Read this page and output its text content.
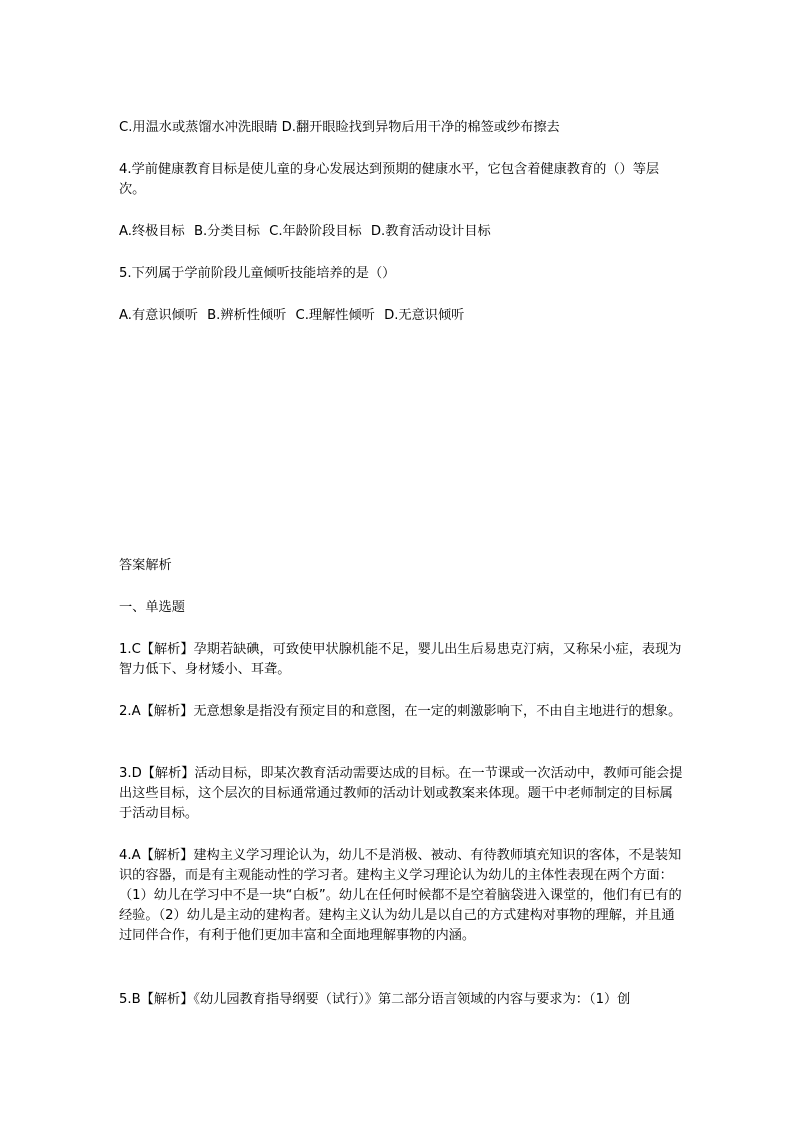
C.用温水或蒸馏水冲洗眼睛 D.翻开眼睑找到异物后用干净的棉签或纱布擦去
4.学前健康教育目标是使儿童的身心发展达到预期的健康水平，它包含着健康教育的（）等层次。
A.终极目标 B.分类目标 C.年龄阶段目标 D.教育活动设计目标
5.下列属于学前阶段儿童倾听技能培养的是（）
A.有意识倾听 B.辨析性倾听 C.理解性倾听 D.无意识倾听
答案解析
一、单选题
1.C【解析】孕期若缺碘，可致使甲状腺机能不足，婴儿出生后易患克汀病，又称呆小症，表现为智力低下、身材矮小、耳聋。
2.A【解析】无意想象是指没有预定目的和意图，在一定的刺激影响下，不由自主地进行的想象。
3.D【解析】活动目标，即某次教育活动需要达成的目标。在一节课或一次活动中，教师可能会提出这些目标，这个层次的目标通常通过教师的活动计划或教案来体现。题干中老师制定的目标属于活动目标。
4.A【解析】建构主义学习理论认为，幼儿不是消极、被动、有待教师填充知识的客体，不是装知识的容器，而是有主观能动性的学习者。建构主义学习理论认为幼儿的主体性表现在两个方面：（1）幼儿在学习中不是一块“白板”。幼儿在任何时候都不是空着脑袋进入课堂的，他们有已有的经验。（2）幼儿是主动的建构者。建构主义认为幼儿是以自己的方式建构对事物的理解，并且通过同伴合作，有利于他们更加丰富和全面地理解事物的内涵。
5.B【解析】《幼儿园教育指导纲要（试行）》第二部分语言领域的内容与要求为：（1）创
